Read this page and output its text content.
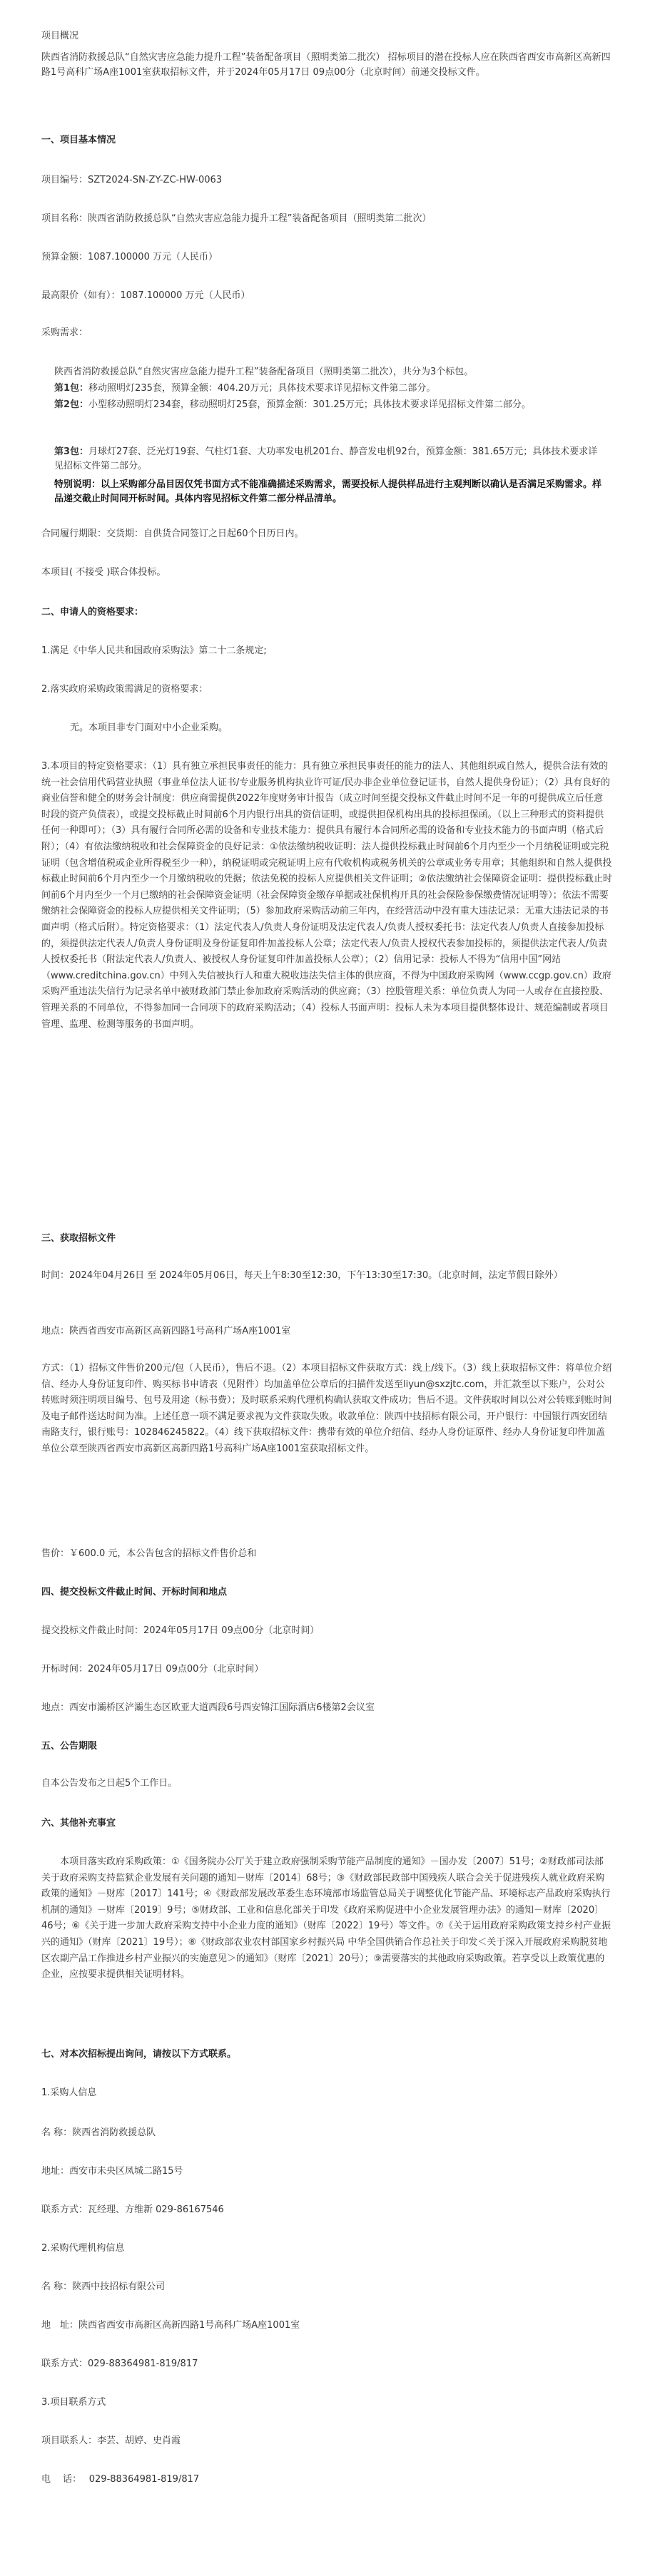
项目概况
陕西省消防救援总队“自然灾害应急能力提升工程”装备配备项目（照明类第二批次） 招标项目的潜在投标人应在陕西省西安市高新区高新四路1号高科广场A座1001室获取招标文件，并于2024年05月17日 09点00分（北京时间）前递交投标文件。
一、项目基本情况
项目编号：SZT2024-SN-ZY-ZC-HW-0063
项目名称：陕西省消防救援总队“自然灾害应急能力提升工程”装备配备项目（照明类第二批次）
预算金额：1087.100000 万元（人民币）
最高限价（如有）：1087.100000 万元（人民币）
采购需求：
陕西省消防救援总队“自然灾害应急能力提升工程”装备配备项目（照明类第二批次），共分为3个标包。
第1包：移动照明灯235套，预算金额：404.20万元；具体技术要求详见招标文件第二部分。
第2包：小型移动照明灯234套，移动照明灯25套，预算金额：301.25万元；具体技术要求详见招标文件第二部分。
第3包：月球灯27套、泛光灯19套、气柱灯1套、大功率发电机201台、静音发电机92台，预算金额：381.65万元；具体技术要求详见招标文件第二部分。
特别说明：以上采购部分品目因仅凭书面方式不能准确描述采购需求，需要投标人提供样品进行主观判断以确认是否满足采购需求。样品递交截止时间同开标时间。具体内容见招标文件第二部分样品清单。
合同履行期限：交货期：自供货合同签订之日起60个日历日内。
本项目( 不接受 )联合体投标。
二、申请人的资格要求：
1.满足《中华人民共和国政府采购法》第二十二条规定;
2.落实政府采购政策需满足的资格要求：
无。本项目非专门面对中小企业采购。
3.本项目的特定资格要求：（1）具有独立承担民事责任的能力：具有独立承担民事责任的能力的法人、其他组织或自然人，提供合法有效的统一社会信用代码营业执照（事业单位法人证书/专业服务机构执业许可证/民办非企业单位登记证书，自然人提供身份证）；（2）具有良好的商业信誉和健全的财务会计制度：供应商需提供2022年度财务审计报告（成立时间至提交投标文件截止时间不足一年的可提供成立后任意时段的资产负债表），或提交投标截止时间前6个月内银行出具的资信证明，或提供担保机构出具的投标担保函。（以上三种形式的资料提供任何一种即可）；（3）具有履行合同所必需的设备和专业技术能力：提供具有履行本合同所必需的设备和专业技术能力的书面声明（格式后附）；（4）有依法缴纳税收和社会保障资金的良好记录：①依法缴纳税收证明：法人提供投标截止时间前6个月内至少一个月纳税证明或完税证明（包含增值税或企业所得税至少一种），纳税证明或完税证明上应有代收机构或税务机关的公章或业务专用章；其他组织和自然人提供投标截止时间前6个月内至少一个月缴纳税收的凭据；依法免税的投标人应提供相关文件证明；②依法缴纳社会保障资金证明：提供投标截止时间前6个月内至少一个月已缴纳的社会保障资金证明（社会保障资金缴存单据或社保机构开具的社会保险参保缴费情况证明等）；依法不需要缴纳社会保障资金的投标人应提供相关文件证明；（5）参加政府采购活动前三年内，在经营活动中没有重大违法记录：无重大违法记录的书面声明（格式后附）。特定资格要求：（1）法定代表人/负责人身份证明及法定代表人/负责人授权委托书：法定代表人/负责人直接参加投标的，须提供法定代表人/负责人身份证明及身份证复印件加盖投标人公章；法定代表人/负责人授权代表参加投标的，须提供法定代表人/负责人授权委托书（附法定代表人/负责人、被授权人身份证复印件加盖投标人公章）；（2）信用记录：投标人不得为“信用中国”网站（www.creditchina.gov.cn）中列入失信被执行人和重大税收违法失信主体的供应商，不得为中国政府采购网（www.ccgp.gov.cn）政府采购严重违法失信行为记录名单中被财政部门禁止参加政府采购活动的供应商；（3）控股管理关系：单位负责人为同一人或存在直接控股、管理关系的不同单位，不得参加同一合同项下的政府采购活动；（4）投标人书面声明：投标人未为本项目提供整体设计、规范编制或者项目管理、监理、检测等服务的书面声明。
三、获取招标文件
时间：2024年04月26日 至 2024年05月06日，每天上午8:30至12:30，下午13:30至17:30。（北京时间，法定节假日除外）
地点：陕西省西安市高新区高新四路1号高科广场A座1001室
方式：（1）招标文件售价200元/包（人民币），售后不退。（2）本项目招标文件获取方式：线上/线下。（3）线上获取招标文件：将单位介绍信、经办人身份证复印件、购买标书申请表（见附件）均加盖单位公章后的扫描件发送至liyun@sxzjtc.com，并汇款至以下账户，公对公转账时须注明项目编号、包号及用途（标书费）；及时联系采购代理机构确认获取文件成功；售后不退。文件获取时间以公对公转账到账时间及电子邮件送达时间为准。上述任意一项不满足要求视为文件获取失败。收款单位：陕西中技招标有限公司，开户银行：中国银行西安团结南路支行，银行账号：102846245822。（4）线下获取招标文件：携带有效的单位介绍信、经办人身份证原件、经办人身份证复印件加盖单位公章至陕西省西安市高新区高新四路1号高科广场A座1001室获取招标文件。
售价：￥600.0 元，本公告包含的招标文件售价总和
四、提交投标文件截止时间、开标时间和地点
提交投标文件截止时间：2024年05月17日 09点00分（北京时间）
开标时间：2024年05月17日 09点00分（北京时间）
地点：西安市灞桥区浐灞生态区欧亚大道西段6号西安锦江国际酒店6楼第2会议室
五、公告期限
自本公告发布之日起5个工作日。
六、其他补充事宜
本项目落实政府采购政策：①《国务院办公厅关于建立政府强制采购节能产品制度的通知》－国办发〔2007〕51号；②财政部司法部关于政府采购支持监狱企业发展有关问题的通知－财库〔2014〕68号；③《财政部民政部中国残疾人联合会关于促进残疾人就业政府采购政策的通知》－财库〔2017〕141号；④《财政部发展改革委生态环境部市场监管总局关于调整优化节能产品、环境标志产品政府采购执行机制的通知》－财库〔2019〕9号；⑤财政部、工业和信息化部关于印发《政府采购促进中小企业发展管理办法》的通知－财库〔2020〕46号；⑥《关于进一步加大政府采购支持中小企业力度的通知》（财库〔2022〕19号）等文件。⑦《关于运用政府采购政策支持乡村产业振兴的通知》（财库〔2021〕19号）；⑧《财政部农业农村部国家乡村振兴局 中华全国供销合作总社关于印发＜关于深入开展政府采购脱贫地区农副产品工作推进乡村产业振兴的实施意见＞的通知》（财库〔2021〕20号）；⑨需要落实的其他政府采购政策。若享受以上政策优惠的企业，应按要求提供相关证明材料。
七、对本次招标提出询问，请按以下方式联系。
1.采购人信息
名 称：陕西省消防救援总队
地址：西安市未央区凤城二路15号
联系方式：瓦经理、方维新 029-86167546
2.采购代理机构信息
名 称：陕西中技招标有限公司
地　址：陕西省西安市高新区高新四路1号高科广场A座1001室
联系方式：029-88364981-819/817
3.项目联系方式
项目联系人：李芸、胡婷、史肖霞
电　 话：　 029-88364981-819/817
